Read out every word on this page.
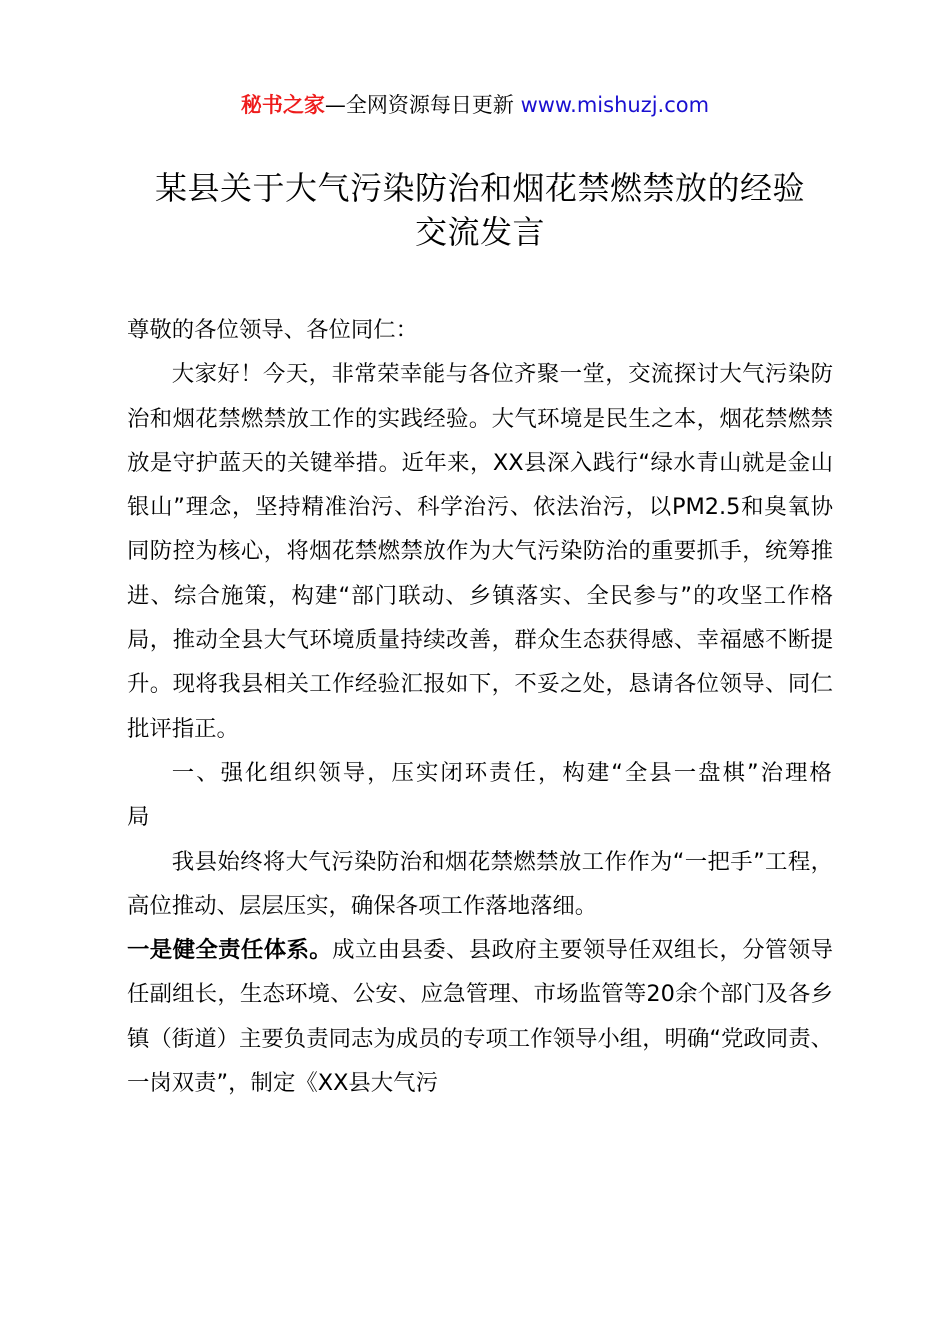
秘书之家—全网资源每日更新 www.mishuzj.com
某县关于大气污染防治和烟花禁燃禁放的经验
交流发言

尊敬的各位领导、各位同仁：

大家好！今天，非常荣幸能与各位齐聚一堂，交流探讨大气污染防治和烟花禁燃禁放工作的实践经验。大气环境是民生之本，烟花禁燃禁放是守护蓝天的关键举措。近年来，XX县深入践行“绿水青山就是金山银山”理念，坚持精准治污、科学治污、依法治污，以PM2.5和臭氧协同防控为核心，将烟花禁燃禁放作为大气污染防治的重要抓手，统筹推进、综合施策，构建“部门联动、乡镇落实、全民参与”的攻坚工作格局，推动全县大气环境质量持续改善，群众生态获得感、幸福感不断提升。现将我县相关工作经验汇报如下，不妥之处，恳请各位领导、同仁批评指正。

一、强化组织领导，压实闭环责任，构建“全县一盘棋”治理格局

我县始终将大气污染防治和烟花禁燃禁放工作作为“一把手”工程，高位推动、层层压实，确保各项工作落地落细。

一是健全责任体系。成立由县委、县政府主要领导任双组长，分管领导任副组长，生态环境、公安、应急管理、市场监管等20余个部门及各乡镇（街道）主要负责同志为成员的专项工作领导小组，明确“党政同责、一岗双责”，制定《XX县大气污
